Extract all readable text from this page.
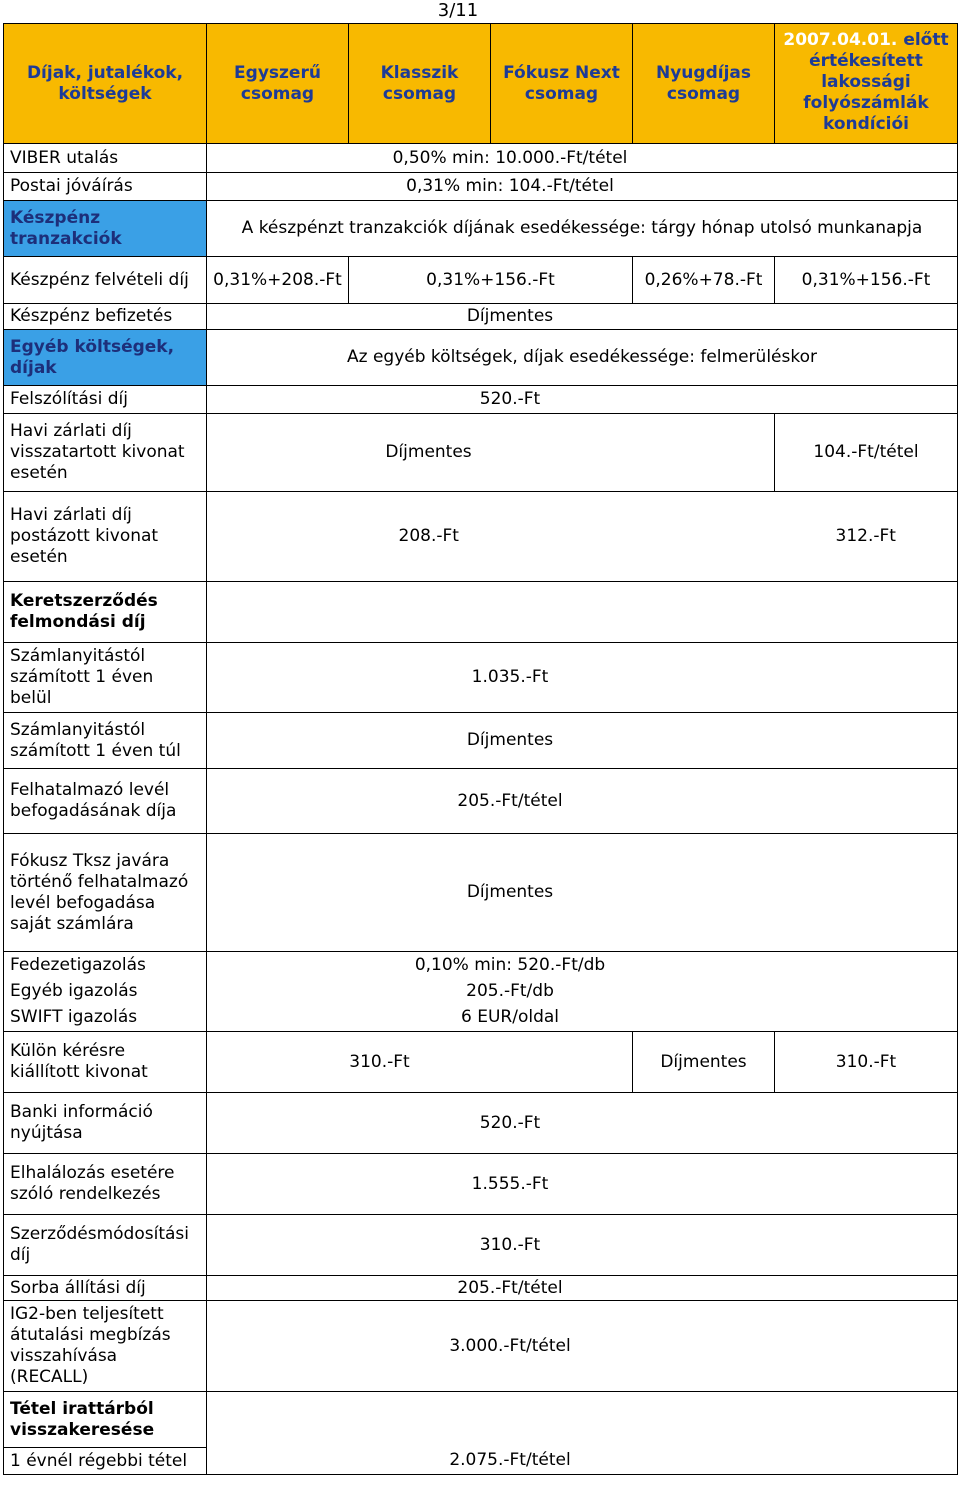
3/11
Díjak, jutalékok, költségek	Egyszerű csomag	Klasszik csomag	Fókusz Next csomag	Nyugdíjas csomag	2007.04.01. előtt értékesített lakossági folyószámlák kondíciói
VIBER utalás	0,50% min: 10.000.-Ft/tétel				
Postai jóváírás	0,31% min: 104.-Ft/tétel				
Készpénz tranzakciók	A készpénzt tranzakciók díjának esedékessége: tárgy hónap utolsó munkanapja				
Készpénz felvételi díj	0,31%+208.-Ft	0,31%+156.-Ft		0,26%+78.-Ft	0,31%+156.-Ft
Készpénz befizetés	Díjmentes				
Egyéb költségek, díjak	Az egyéb költségek, díjak esedékessége: felmerüléskor				
Felszólítási díj	520.-Ft				
Havi zárlati díj visszatartott kivonat esetén	Díjmentes				104.-Ft/tétel
Havi zárlati díj postázott kivonat esetén	208.-Ft				312.-Ft
Keretszerződés felmondási díj					
Számlanyitástól számított 1 éven belül	1.035.-Ft				
Számlanyitástól számított 1 éven túl	Díjmentes				
Felhatalmazó levél befogadásának díja	205.-Ft/tétel				
Fókusz Tksz javára történő felhatalmazó levél befogadása saját számlára	Díjmentes				
Fedezetigazolás	0,10% min: 520.-Ft/db				
Egyéb igazolás	205.-Ft/db				
SWIFT igazolás	6 EUR/oldal				
Külön kérésre kiállított kivonat	310.-Ft			Díjmentes	310.-Ft
Banki információ nyújtása	520.-Ft				
Elhalálozás esetére szóló rendelkezés	1.555.-Ft				
Szerződésmódosítási díj	310.-Ft				
Sorba állítási díj	205.-Ft/tétel				
IG2-ben teljesített átutalási megbízás visszahívása (RECALL)	3.000.-Ft/tétel				
Tétel irattárból visszakeresése					
1 évnél régebbi tétel	2.075.-Ft/tétel				
